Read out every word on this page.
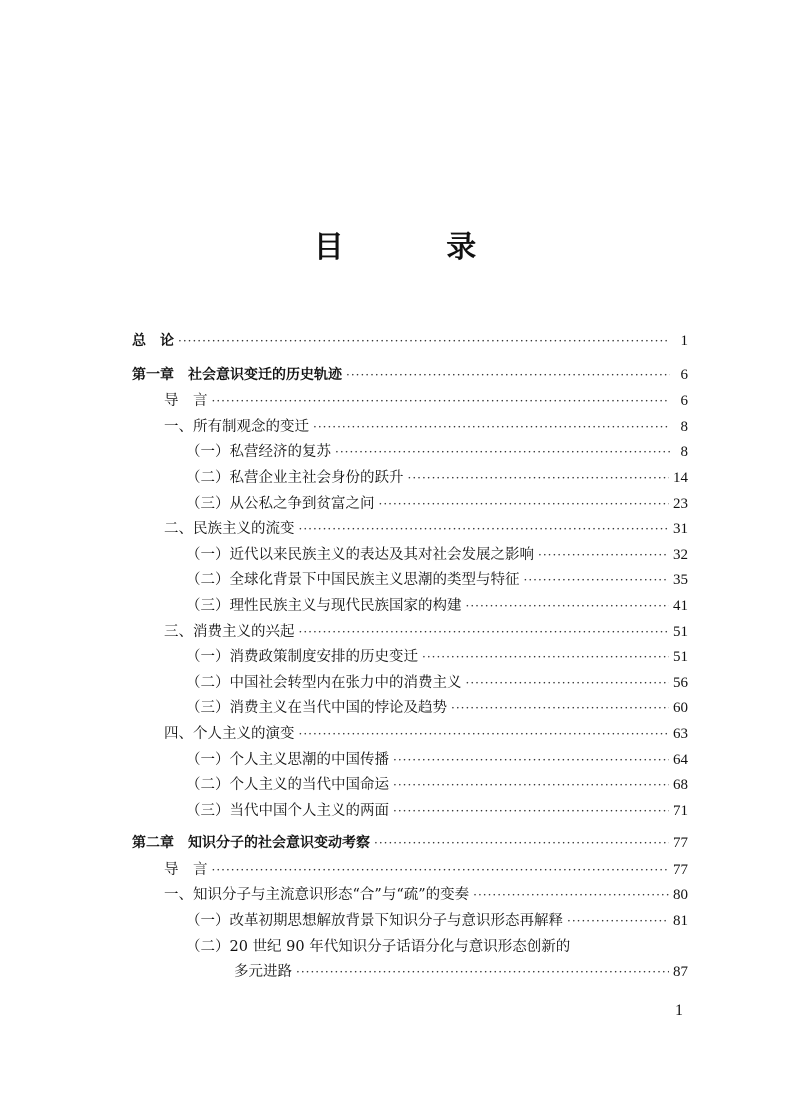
目 录
总　论 ·····	1
第一章　社会意识变迁的历史轨迹 ·····	6
导　言 ·····	6
一、所有制观念的变迁 ·····	8
（一）私营经济的复苏 ·····	8
（二）私营企业主社会身份的跃升 ·····	14
（三）从公私之争到贫富之问 ·····	23
二、民族主义的流变 ·····	31
（一）近代以来民族主义的表达及其对社会发展之影响 ·····	32
（二）全球化背景下中国民族主义思潮的类型与特征 ·····	35
（三）理性民族主义与现代民族国家的构建 ·····	41
三、消费主义的兴起 ·····	51
（一）消费政策制度安排的历史变迁 ·····	51
（二）中国社会转型内在张力中的消费主义 ·····	56
（三）消费主义在当代中国的悖论及趋势 ·····	60
四、个人主义的演变 ·····	63
（一）个人主义思潮的中国传播 ·····	64
（二）个人主义的当代中国命运 ·····	68
（三）当代中国个人主义的两面 ·····	71
第二章　知识分子的社会意识变动考察 ·····	77
导　言 ·····	77
一、知识分子与主流意识形态“合”与“疏”的变奏 ·····	80
（一）改革初期思想解放背景下知识分子与意识形态再解释 ·····	81
（二）20 世纪 90 年代知识分子话语分化与意识形态创新的
多元进路 ·····	87
1
